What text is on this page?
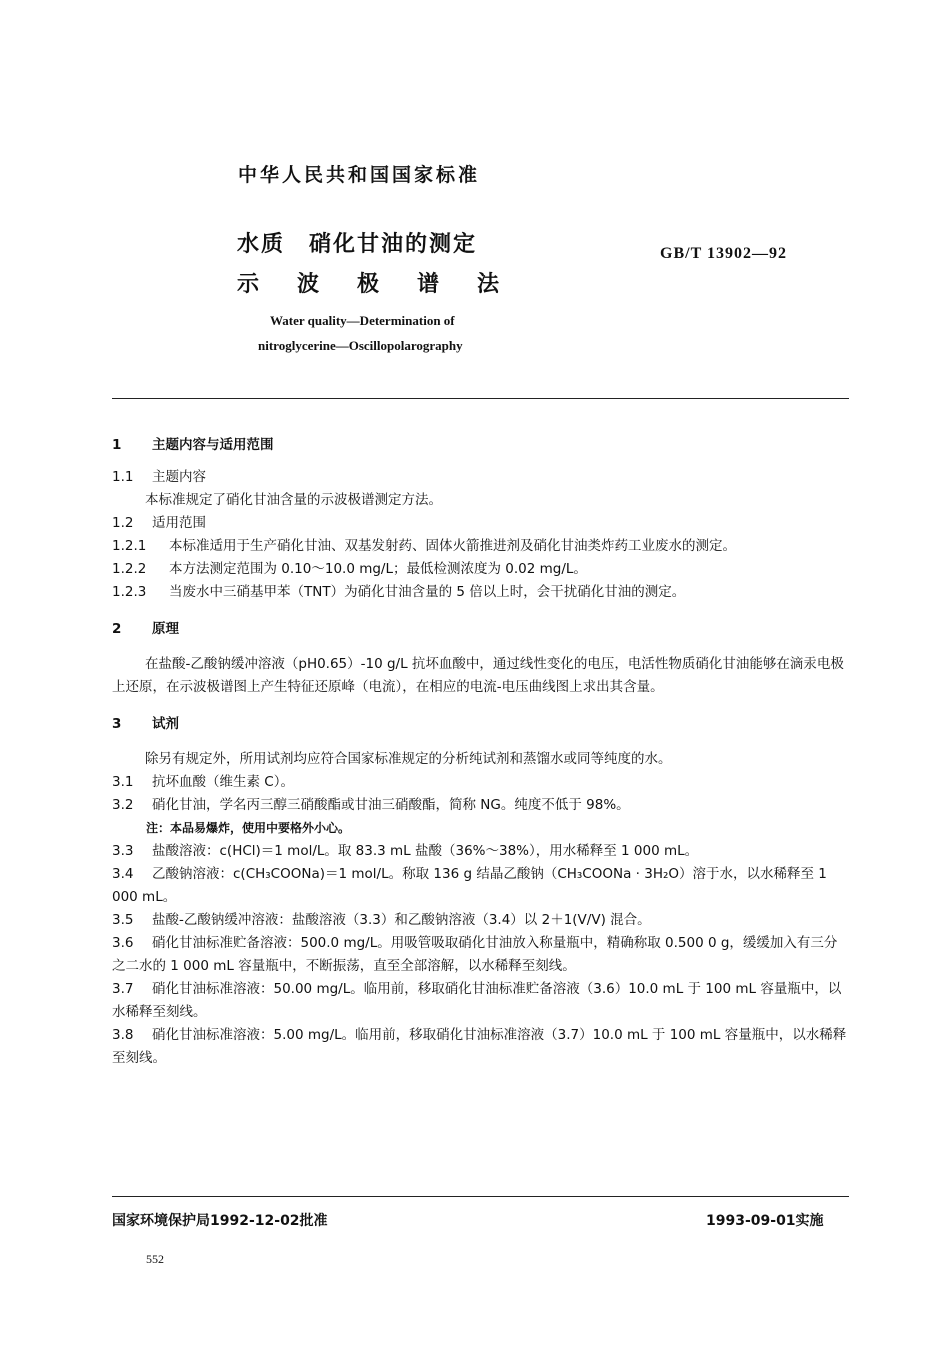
中华人民共和国国家标准
水质　硝化甘油的测定
示波极谱法
GB/T 13902—92
Water quality—Determination of
nitroglycerine—Oscillopolarography
1	主题内容与适用范围
1.1	主题内容
本标准规定了硝化甘油含量的示波极谱测定方法。
1.2	适用范围
1.2.1	本标准适用于生产硝化甘油、双基发射药、固体火箭推进剂及硝化甘油类炸药工业废水的测定。
1.2.2	本方法测定范围为 0.10～10.0 mg/L；最低检测浓度为 0.02 mg/L。
1.2.3	当废水中三硝基甲苯（TNT）为硝化甘油含量的 5 倍以上时，会干扰硝化甘油的测定。
2	原理
在盐酸-乙酸钠缓冲溶液（pH0.65）-10 g/L 抗坏血酸中，通过线性变化的电压，电活性物质硝化甘油能够在滴汞电极上还原，在示波极谱图上产生特征还原峰（电流），在相应的电流-电压曲线图上求出其含量。
3	试剂
除另有规定外，所用试剂均应符合国家标准规定的分析纯试剂和蒸馏水或同等纯度的水。
3.1	抗坏血酸（维生素 C）。
3.2	硝化甘油，学名丙三醇三硝酸酯或甘油三硝酸酯，简称 NG。纯度不低于 98%。
注：本品易爆炸，使用中要格外小心。
3.3	盐酸溶液：c(HCl)＝1 mol/L。取 83.3 mL 盐酸（36%～38%），用水稀释至 1 000 mL。
3.4 乙酸钠溶液：c(CH₃COONa)＝1 mol/L。称取 136 g 结晶乙酸钠（CH₃COONa · 3H₂O）溶于水，以水稀释至 1 000 mL。
3.5	盐酸-乙酸钠缓冲溶液：盐酸溶液（3.3）和乙酸钠溶液（3.4）以 2＋1(V/V) 混合。
3.6 硝化甘油标准贮备溶液：500.0 mg/L。用吸管吸取硝化甘油放入称量瓶中，精确称取 0.500 0 g，缓缓加入有三分之二水的 1 000 mL 容量瓶中，不断振荡，直至全部溶解，以水稀释至刻线。
3.7 硝化甘油标准溶液：50.00 mg/L。临用前，移取硝化甘油标准贮备溶液（3.6）10.0 mL 于 100 mL 容量瓶中，以水稀释至刻线。
3.8 硝化甘油标准溶液：5.00 mg/L。临用前，移取硝化甘油标准溶液（3.7）10.0 mL 于 100 mL 容量瓶中，以水稀释至刻线。
国家环境保护局1992-12-02批准	1993-09-01实施
552
